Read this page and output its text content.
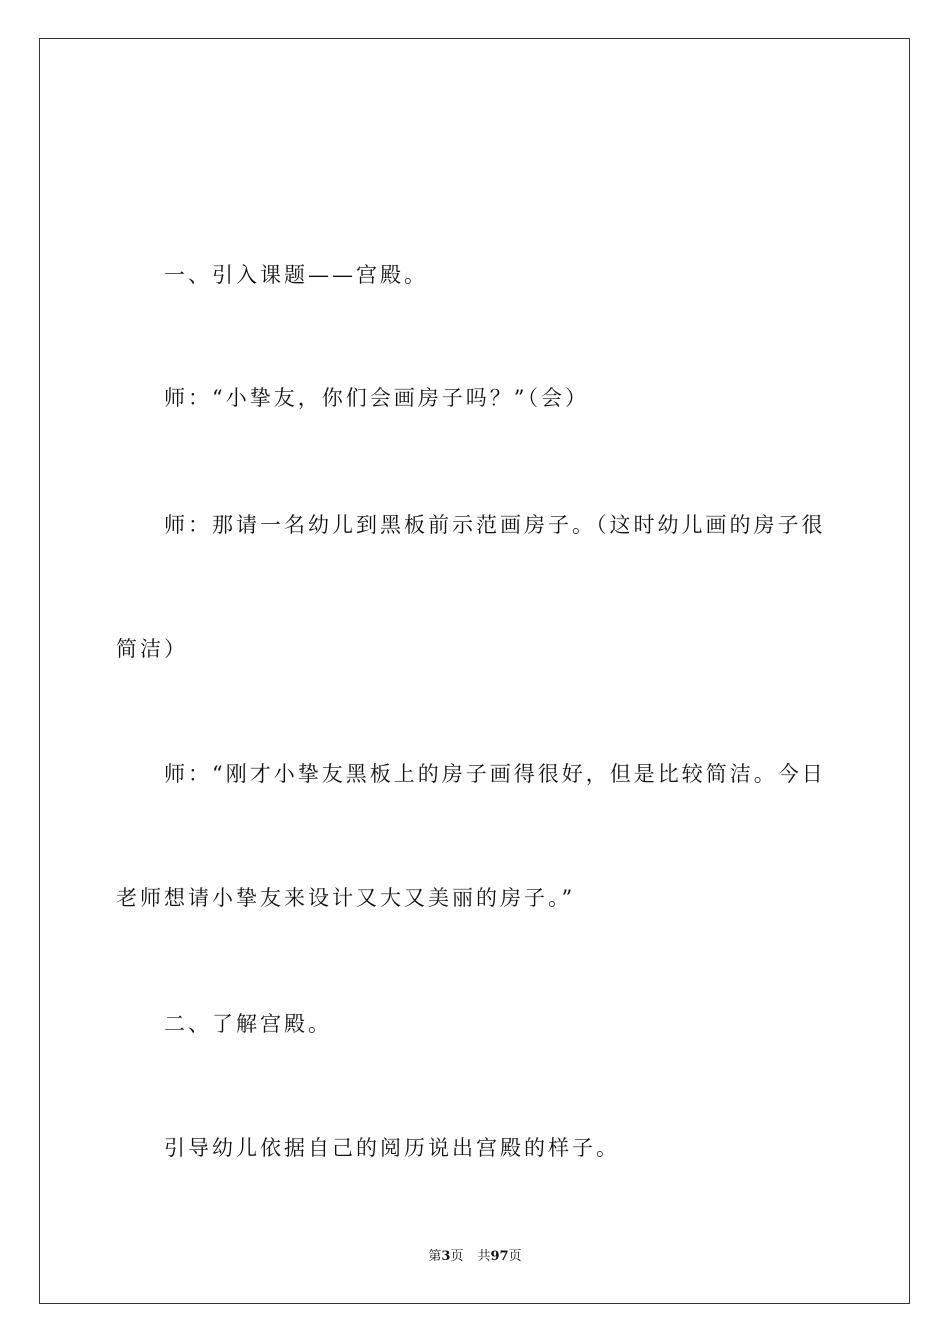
一、引入课题——宫殿。
师：“小挚友，你们会画房子吗？”（会）
师：那请一名幼儿到黑板前示范画房子。（这时幼儿画的房子很
简洁）
师：“刚才小挚友黑板上的房子画得很好，但是比较简洁。今日
老师想请小挚友来设计又大又美丽的房子。”
二、了解宫殿。
引导幼儿依据自己的阅历说出宫殿的样子。
第3页 共97页
